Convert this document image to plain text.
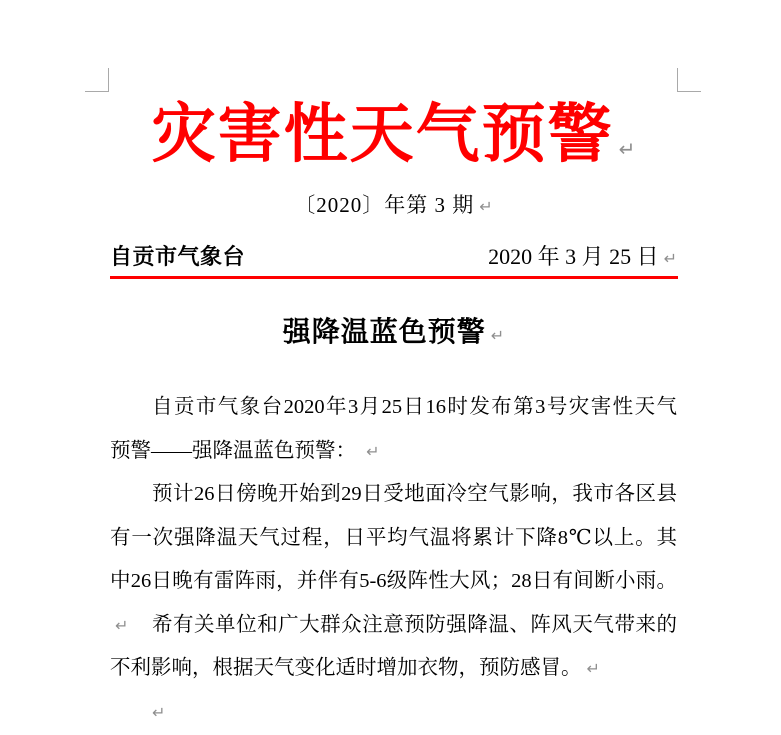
灾害性天气预警 ↵
〔2020〕年第 3 期 ↵
自贡市气象台	2020 年 3 月 25 日 ↵
强降温蓝色预警 ↵
自贡市气象台2020年3月25日16时发布第3号灾害性天气
预警——强降温蓝色预警： ↵
预计26日傍晚开始到29日受地面冷空气影响，我市各区县
有一次强降温天气过程，日平均气温将累计下降8℃以上。其
中26日晚有雷阵雨，并伴有5-6级阵性大风；28日有间断小雨。↵	希有关单位和广大群众注意预防强降温、阵风天气带来的
不利影响，根据天气变化适时增加衣物，预防感冒。 ↵
↵
